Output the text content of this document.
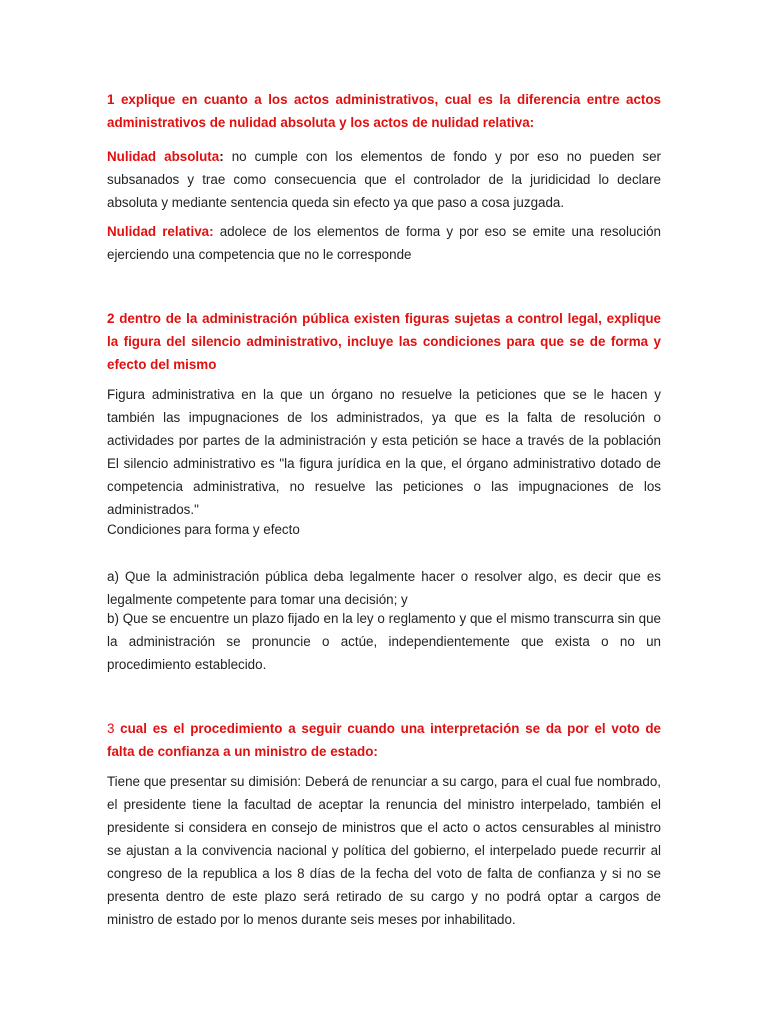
1 explique en cuanto a los actos administrativos, cual es la diferencia entre actos administrativos de nulidad absoluta y los actos de nulidad relativa:

Nulidad absoluta: no cumple con los elementos de fondo y por eso no pueden ser subsanados y trae como consecuencia que el controlador de la juridicidad lo declare absoluta y mediante sentencia queda sin efecto ya que paso a cosa juzgada.

Nulidad relativa: adolece de los elementos de forma y por eso se emite una resolución ejerciendo una competencia que no le corresponde

2 dentro de la administración pública existen figuras sujetas a control legal, explique la figura del silencio administrativo, incluye las condiciones para que se de forma y efecto del mismo

Figura administrativa en la que un órgano no resuelve la peticiones que se le hacen y también las impugnaciones de los administrados, ya que es la falta de resolución o actividades por partes de la administración y esta petición se hace a través de la población El silencio administrativo es "la figura jurídica en la que, el órgano administrativo dotado de competencia administrativa, no resuelve las peticiones o las impugnaciones de los administrados."

Condiciones para forma y efecto

a) Que la administración pública deba legalmente hacer o resolver algo, es decir que es legalmente competente para tomar una decisión; y

b) Que se encuentre un plazo fijado en la ley o reglamento y que el mismo transcurra sin que la administración se pronuncie o actúe, independientemente que exista o no un procedimiento establecido.

3 cual es el procedimiento a seguir cuando una interpretación se da por el voto de falta de confianza a un ministro de estado:

Tiene que presentar su dimisión: Deberá de renunciar a su cargo, para el cual fue nombrado, el presidente tiene la facultad de aceptar la renuncia del ministro interpelado, también el presidente si considera en consejo de ministros que el acto o actos censurables al ministro se ajustan a la convivencia nacional y política del gobierno, el interpelado puede recurrir al congreso de la republica a los 8 días de la fecha del voto de falta de confianza y si no se presenta dentro de este plazo será retirado de su cargo y no podrá optar a cargos de ministro de estado por lo menos durante seis meses por inhabilitado.
